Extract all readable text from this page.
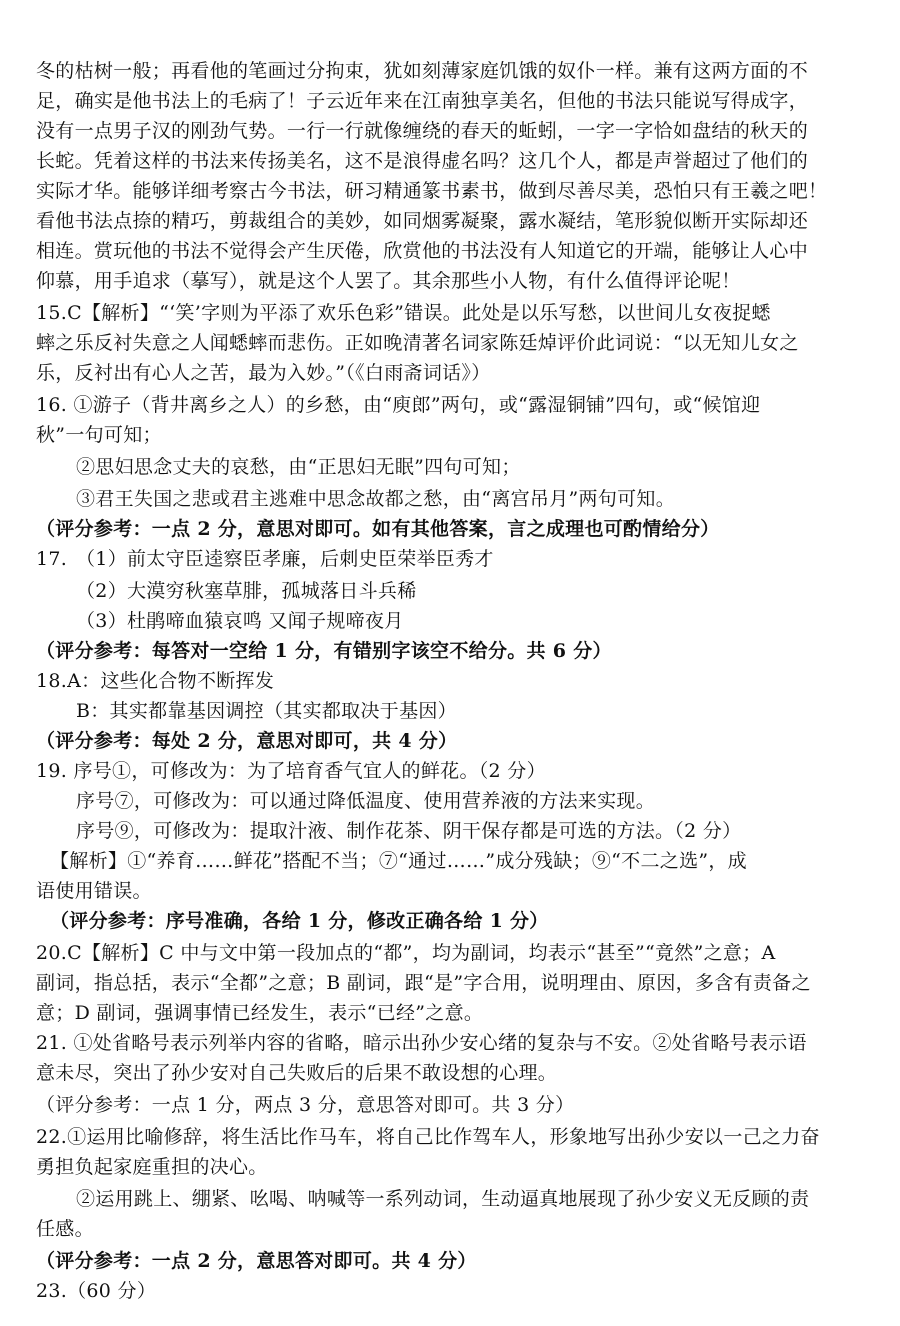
冬的枯树一般；再看他的笔画过分拘束，犹如刻薄家庭饥饿的奴仆一样。兼有这两方面的不
足，确实是他书法上的毛病了！子云近年来在江南独享美名，但他的书法只能说写得成字，
没有一点男子汉的刚劲气势。一行一行就像缠绕的春天的蚯蚓，一字一字恰如盘结的秋天的
长蛇。凭着这样的书法来传扬美名，这不是浪得虚名吗？这几个人，都是声誉超过了他们的
实际才华。能够详细考察古今书法，研习精通篆书素书，做到尽善尽美，恐怕只有王羲之吧！
看他书法点捺的精巧，剪裁组合的美妙，如同烟雾凝聚，露水凝结，笔形貌似断开实际却还
相连。赏玩他的书法不觉得会产生厌倦，欣赏他的书法没有人知道它的开端，能够让人心中
仰慕，用手追求（摹写），就是这个人罢了。其余那些小人物，有什么值得评论呢！
15.C【解析】“‘笑’字则为平添了欢乐色彩”错误。此处是以乐写愁，以世间儿女夜捉蟋
蟀之乐反衬失意之人闻蟋蟀而悲伤。正如晚清著名词家陈廷焯评价此词说：“以无知儿女之
乐，反衬出有心人之苦，最为入妙。”（《白雨斋词话》）
16. ①游子（背井离乡之人）的乡愁，由“庾郎”两句，或“露湿铜铺”四句，或“候馆迎
秋”一句可知；
②思妇思念丈夫的哀愁，由“正思妇无眠”四句可知；
③君王失国之悲或君主逃难中思念故都之愁，由“离宫吊月”两句可知。
（评分参考：一点 2 分，意思对即可。如有其他答案，言之成理也可酌情给分）
17. （1）前太守臣逵察臣孝廉，后刺史臣荣举臣秀才
（2）大漠穷秋塞草腓，孤城落日斗兵稀
（3）杜鹃啼血猿哀鸣 又闻子规啼夜月
（评分参考：每答对一空给 1 分，有错别字该空不给分。共 6 分）
18.A：这些化合物不断挥发
B：其实都靠基因调控（其实都取决于基因）
（评分参考：每处 2 分，意思对即可，共 4 分）
19. 序号①，可修改为：为了培育香气宜人的鲜花。（2 分）
序号⑦，可修改为：可以通过降低温度、使用营养液的方法来实现。
序号⑨，可修改为：提取汁液、制作花茶、阴干保存都是可选的方法。（2 分）
【解析】①“养育……鲜花”搭配不当；⑦“通过……”成分残缺；⑨“不二之选”，成
语使用错误。
（评分参考：序号准确，各给 1 分，修改正确各给 1 分）
20.C【解析】C 中与文中第一段加点的“都”，均为副词，均表示“甚至”“竟然”之意；A
副词，指总括，表示“全都”之意；B 副词，跟“是”字合用，说明理由、原因，多含有责备之
意；D 副词，强调事情已经发生，表示“已经”之意。
21. ①处省略号表示列举内容的省略，暗示出孙少安心绪的复杂与不安。②处省略号表示语
意未尽，突出了孙少安对自己失败后的后果不敢设想的心理。
（评分参考：一点 1 分，两点 3 分，意思答对即可。共 3 分）
22.①运用比喻修辞，将生活比作马车，将自己比作驾车人，形象地写出孙少安以一己之力奋
勇担负起家庭重担的决心。
②运用跳上、绷紧、吆喝、呐喊等一系列动词，生动逼真地展现了孙少安义无反顾的责
任感。
（评分参考：一点 2 分，意思答对即可。共 4 分）
23.（60 分）
